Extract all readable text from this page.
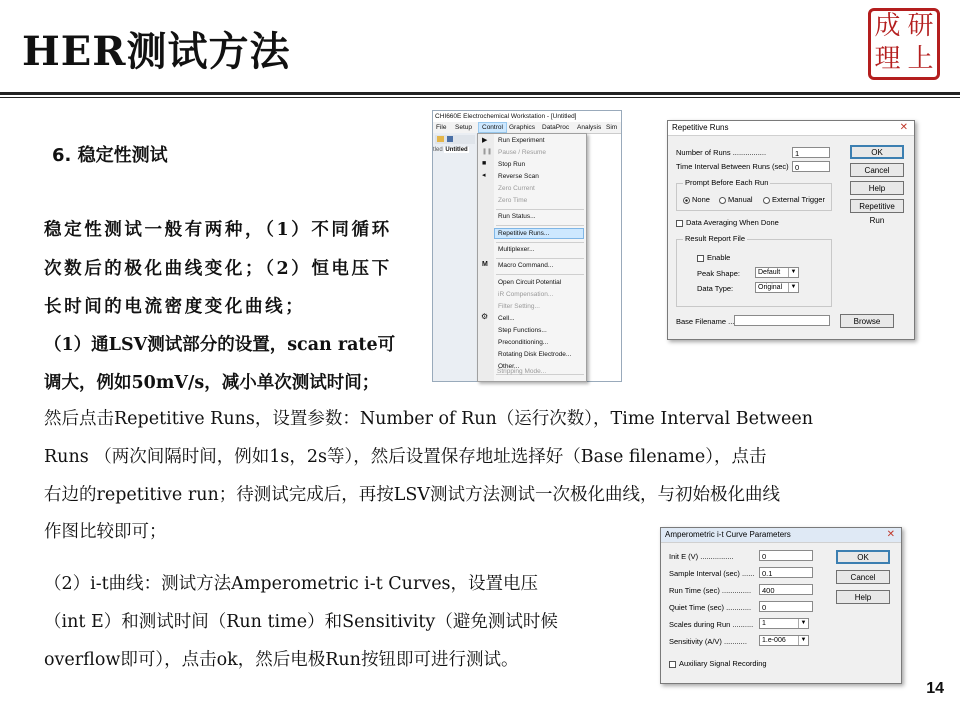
HER测试方法
成 研
理 上
6. 稳定性测试
稳定性测试一般有两种，（1）不同循环
次数后的极化曲线变化；（2）恒电压下
长时间的电流密度变化曲线；
（1）通LSV测试部分的设置，scan rate可
调大，例如50mV/s，减小单次测试时间；
然后点击Repetitive Runs，设置参数：Number of Run（运行次数），Time Interval Between
Runs （两次间隔时间，例如1s，2s等），然后设置保存地址选择好（Base filename），点击
右边的repetitive run；待测试完成后，再按LSV测试方法测试一次极化曲线，与初始极化曲线
作图比较即可；
（2）i-t曲线：测试方法Amperometric i-t Curves，设置电压
（int E）和测试时间（Run time）和Sensitivity（避免测试时候
overflow即可），点击ok，然后电极Run按钮即可进行测试。
14
CHI660E Electrochemical Workstation - [Untitled]
File Setup	Control Graphics DataProc Analysis Sim
tled Untitled
▶
❚❚
■
◂
Run Experiment
Pause / Resume
Stop Run
Reverse Scan
Zero Current
Zero Time
Run Status...
Repetitive Runs...
Multiplexer...
M Macro Command...
Open Circuit Potential
iR Compensation...
Filter Setting...
⚙ Cell...
Step Functions...
Preconditioning...
Rotating Disk Electrode...
Other...
Stripping Mode...
Repetitive Runs	✕
Number of Runs ................	1
Time Interval Between Runs (sec) 0
Prompt Before Each Run
None	Manual	External Trigger
Data Averaging When Done
Result Report File
Enable
Peak Shape:	Default	▼
Data Type:	Original	▼
Base Filename ...
OK
Cancel
Help
Repetitive Run
Browse
Amperometric i-t Curve Parameters	✕
Init E (V) ................	0
Sample Interval (sec) ......	0.1
Run Time (sec) ..............	400
Quiet Time (sec) ............	0
Scales during Run ..........	1	▼
Sensitivity (A/V) ...........	1.e-006	▼
Auxiliary Signal Recording
OK
Cancel
Help
